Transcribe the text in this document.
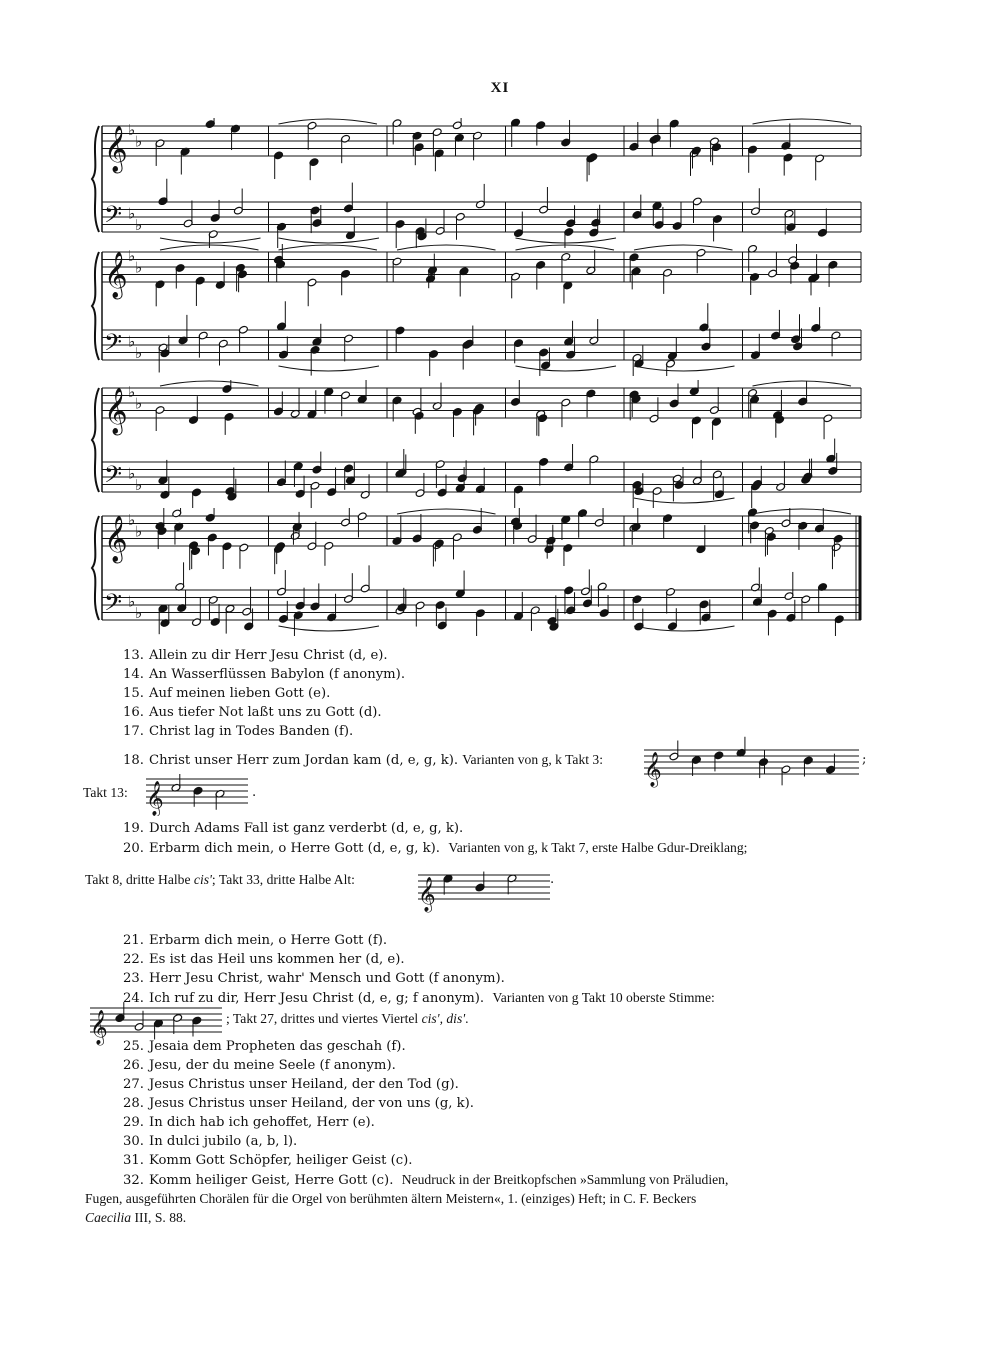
XI
𝄞
𝄢
♭
♭
♭
♭
𝄞
𝄢
♭
♭
♭
♭
𝄞
𝄢
♭
♭
♭
♭
𝄞
𝄢
♭
♭
♭
♭
13. Allein zu dir Herr Jesu Christ (d, e).
14. An Wasserflüssen Babylon (f anonym).
15. Auf meinen lieben Gott (e).
16. Aus tiefer Not laßt uns zu Gott (d).
17. Christ lag in Todes Banden (f).
18. Christ unser Herr zum Jordan kam (d, e, g, k). Varianten von g, k Takt 3: 𝄞	;
Takt 13: 𝄞	.
19. Durch Adams Fall ist ganz verderbt (d, e, g, k).
20. Erbarm dich mein, o Herre Gott (d, e, g, k). Varianten von g, k Takt 7, erste Halbe Gdur-Dreiklang;
Takt 8, dritte Halbe cis'; Takt 33, dritte Halbe Alt: 𝄞	.
21. Erbarm dich mein, o Herre Gott (f).
22. Es ist das Heil uns kommen her (d, e).
23. Herr Jesu Christ, wahr' Mensch und Gott (f anonym).
24. Ich ruf zu dir, Herr Jesu Christ (d, e, g; f anonym). Varianten von g Takt 10 oberste Stimme:
𝄞	; Takt 27, drittes und viertes Viertel cis', dis'.
25. Jesaia dem Propheten das geschah (f).
26. Jesu, der du meine Seele (f anonym).
27. Jesus Christus unser Heiland, der den Tod (g).
28. Jesus Christus unser Heiland, der von uns (g, k).
29. In dich hab ich gehoffet, Herr (e).
30. In dulci jubilo (a, b, l).
31. Komm Gott Schöpfer, heiliger Geist (c).
32. Komm heiliger Geist, Herre Gott (c). Neudruck in der Breitkopfschen »Sammlung von Präludien,
Fugen, ausgeführten Chorälen für die Orgel von berühmten ältern Meistern«, 1. (einziges) Heft; in C. F. Beckers
Caecilia III, S. 88.
